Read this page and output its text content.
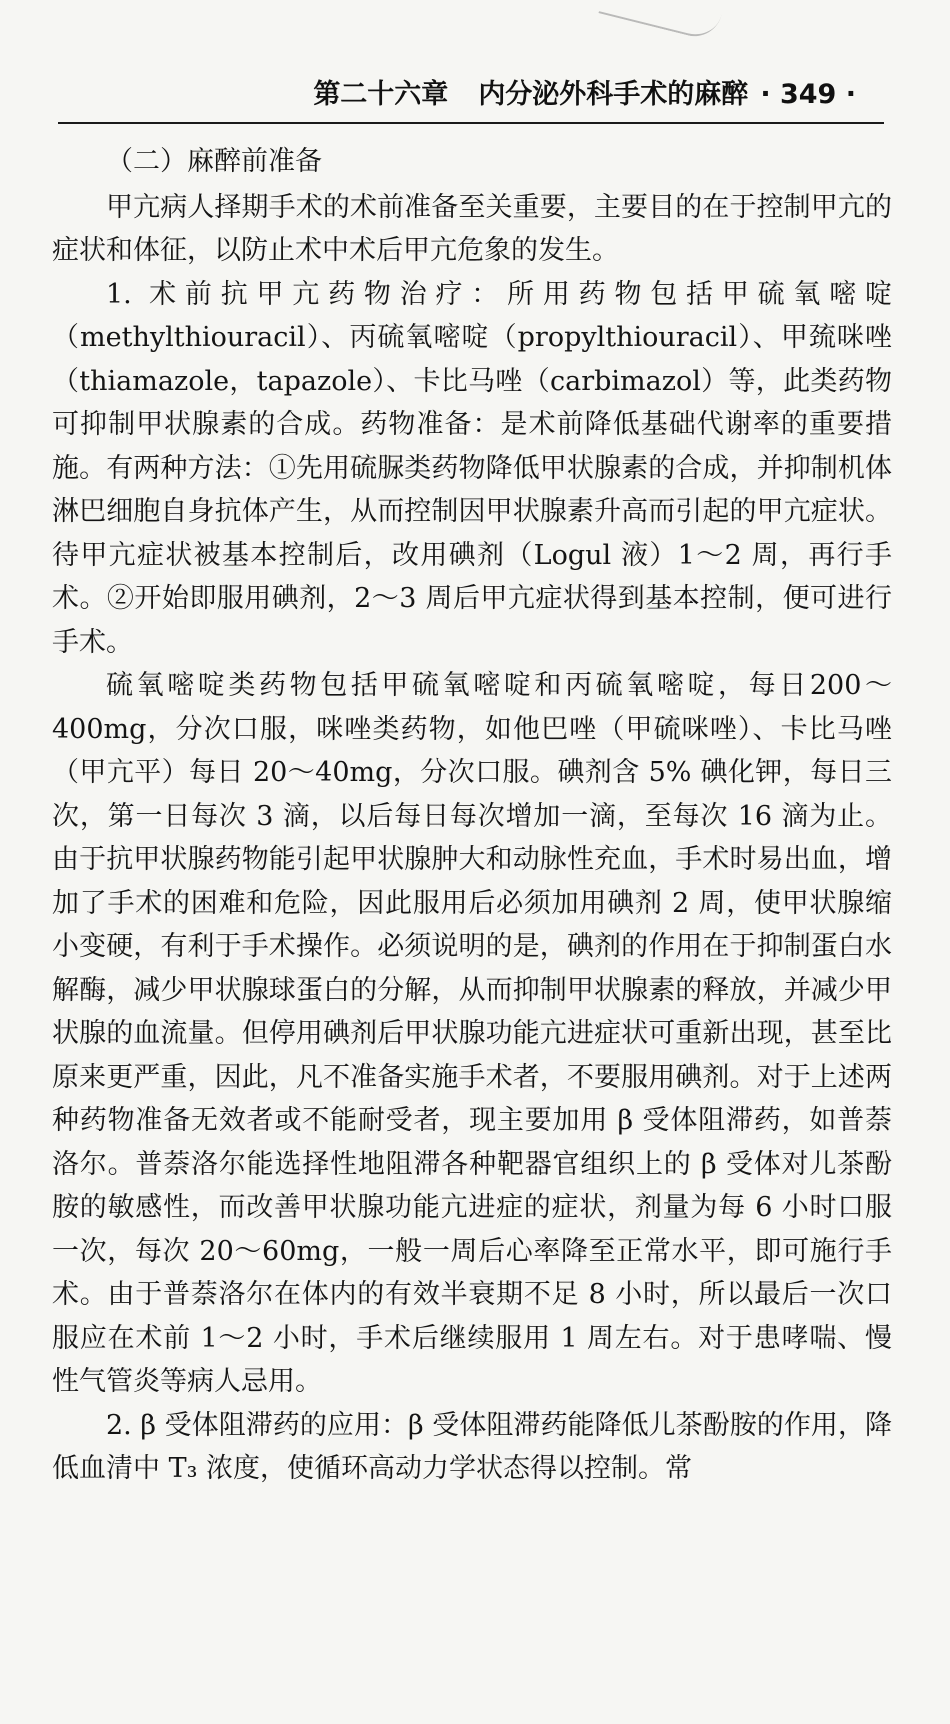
第二十六章 内分泌外科手术的麻醉 · 349 ·

（二）麻醉前准备

甲亢病人择期手术的术前准备至关重要，主要目的在于控制甲亢的症状和体征，以防止术中术后甲亢危象的发生。

1. 术前抗甲亢药物治疗：所用药物包括甲硫氧嘧啶（methylthiouracil）、丙硫氧嘧啶（propylthiouracil）、甲巯咪唑（thiamazole，tapazole）、卡比马唑（carbimazol）等，此类药物可抑制甲状腺素的合成。药物准备：是术前降低基础代谢率的重要措施。有两种方法：①先用硫脲类药物降低甲状腺素的合成，并抑制机体淋巴细胞自身抗体产生，从而控制因甲状腺素升高而引起的甲亢症状。待甲亢症状被基本控制后，改用碘剂（Logul 液）1～2 周，再行手术。②开始即服用碘剂，2～3 周后甲亢症状得到基本控制，便可进行手术。

硫氧嘧啶类药物包括甲硫氧嘧啶和丙硫氧嘧啶，每日200～400mg，分次口服，咪唑类药物，如他巴唑（甲硫咪唑）、卡比马唑（甲亢平）每日 20～40mg，分次口服。碘剂含 5% 碘化钾，每日三次，第一日每次 3 滴，以后每日每次增加一滴，至每次 16 滴为止。由于抗甲状腺药物能引起甲状腺肿大和动脉性充血，手术时易出血，增加了手术的困难和危险，因此服用后必须加用碘剂 2 周，使甲状腺缩小变硬，有利于手术操作。必须说明的是，碘剂的作用在于抑制蛋白水解酶，减少甲状腺球蛋白的分解，从而抑制甲状腺素的释放，并减少甲状腺的血流量。但停用碘剂后甲状腺功能亢进症状可重新出现，甚至比原来更严重，因此，凡不准备实施手术者，不要服用碘剂。对于上述两种药物准备无效者或不能耐受者，现主要加用 β 受体阻滞药，如普萘洛尔。普萘洛尔能选择性地阻滞各种靶器官组织上的 β 受体对儿茶酚胺的敏感性，而改善甲状腺功能亢进症的症状，剂量为每 6 小时口服一次，每次 20～60mg，一般一周后心率降至正常水平，即可施行手术。由于普萘洛尔在体内的有效半衰期不足 8 小时，所以最后一次口服应在术前 1～2 小时，手术后继续服用 1 周左右。对于患哮喘、慢性气管炎等病人忌用。

2. β 受体阻滞药的应用：β 受体阻滞药能降低儿茶酚胺的作用，降低血清中 T₃ 浓度，使循环高动力学状态得以控制。常
